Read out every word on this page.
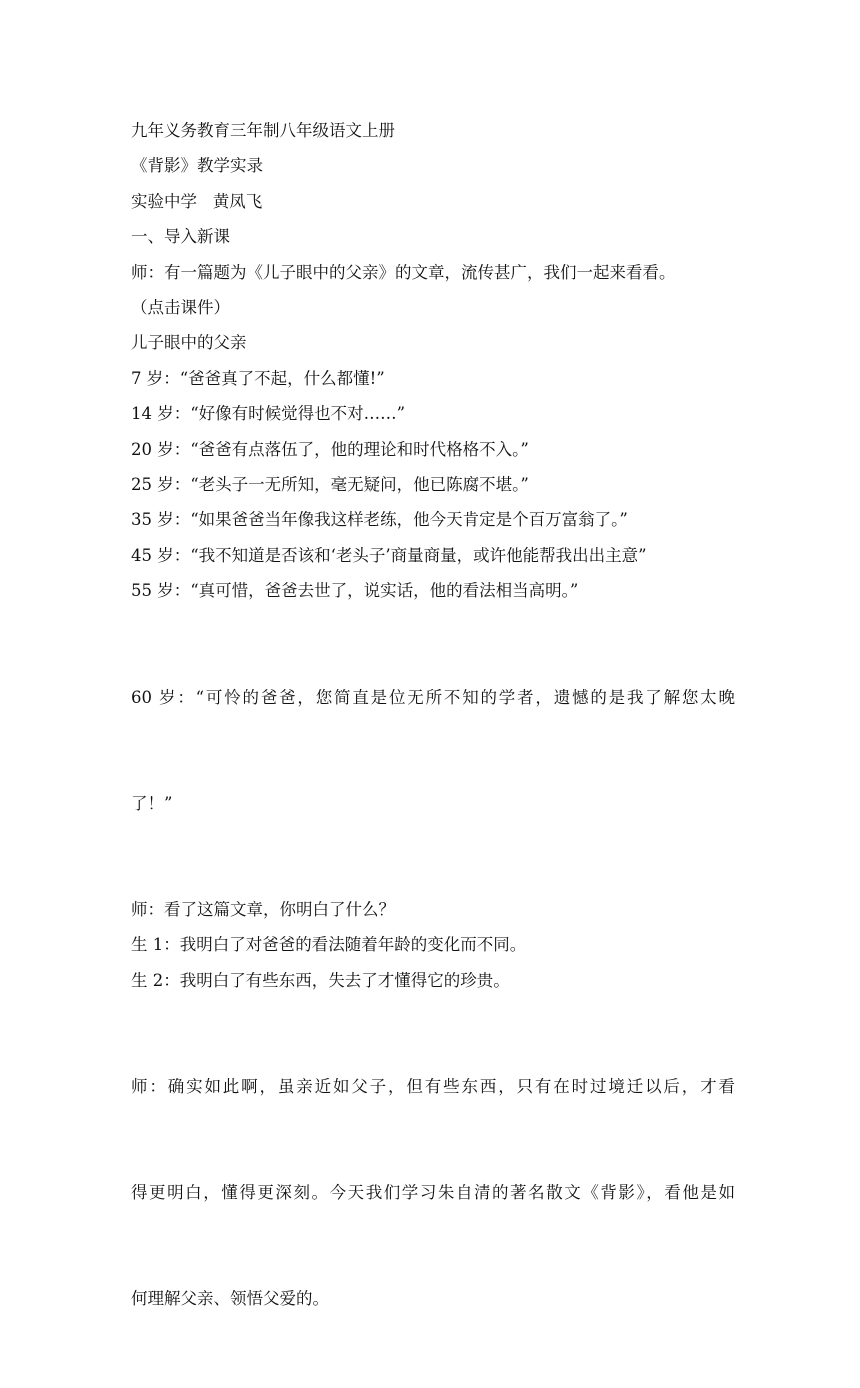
九年义务教育三年制八年级语文上册

《背影》教学实录

实验中学   黄凤飞

一、导入新课

师：有一篇题为《儿子眼中的父亲》的文章，流传甚广，我们一起来看看。

（点击课件）

儿子眼中的父亲

7 岁：“爸爸真了不起，什么都懂!”

14 岁：“好像有时候觉得也不对……”

20 岁：“爸爸有点落伍了，他的理论和时代格格不入。”

25 岁：“老头子一无所知，毫无疑问，他已陈腐不堪。”

35 岁：“如果爸爸当年像我这样老练，他今天肯定是个百万富翁了。”

45 岁：“我不知道是否该和‘老头子’商量商量，或许他能帮我出出主意”

55 岁：“真可惜，爸爸去世了，说实话，他的看法相当高明。”

60 岁：“可怜的爸爸，您简直是位无所不知的学者，遗憾的是我了解您太晚

了！”

师：看了这篇文章，你明白了什么？

生 1：我明白了对爸爸的看法随着年龄的变化而不同。

生 2：我明白了有些东西，失去了才懂得它的珍贵。

师：确实如此啊，虽亲近如父子，但有些东西，只有在时过境迁以后，才看

得更明白，懂得更深刻。今天我们学习朱自清的著名散文《背影》，看他是如

何理解父亲、领悟父爱的。
